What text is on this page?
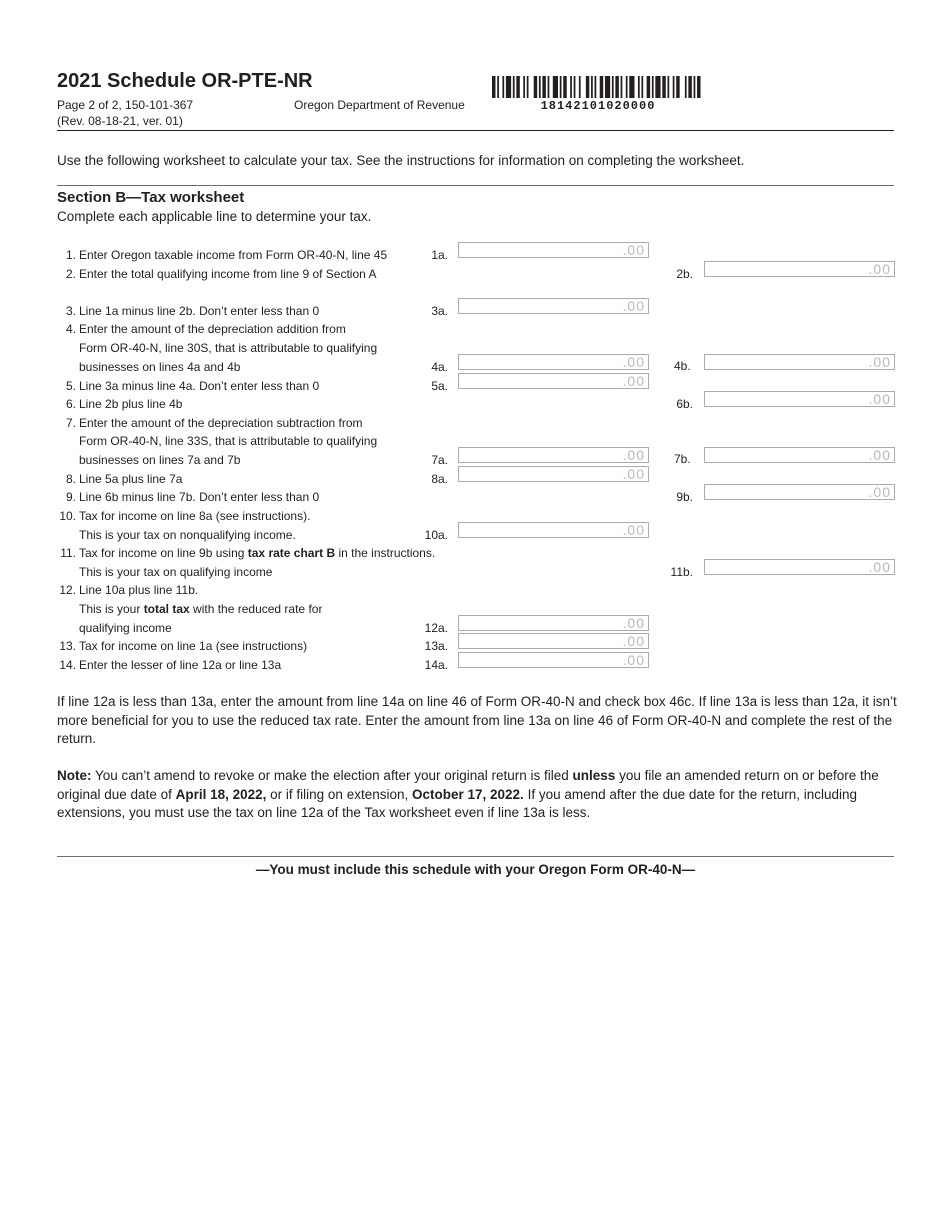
2021 Schedule OR-PTE-NR
Page 2 of 2, 150-101-367
(Rev. 08-18-21, ver. 01)
Oregon Department of Revenue	18142101020000
Use the following worksheet to calculate your tax. See the instructions for information on completing the worksheet.
Section B—Tax worksheet
Complete each applicable line to determine your tax.
1. Enter Oregon taxable income from Form OR-40-N, line 45	1a.	.00
2. Enter the total qualifying income from line 9 of Section A	2b.	.00
3. Line 1a minus line 2b. Don’t enter less than 0	3a.	.00
4. Enter the amount of the depreciation addition from
Form OR-40-N, line 30S, that is attributable to qualifying
businesses on lines 4a and 4b	4a.	.00 4b.	.00
5. Line 3a minus line 4a. Don’t enter less than 0	5a.	.00
6. Line 2b plus line 4b	6b.	.00
7. Enter the amount of the depreciation subtraction from
Form OR-40-N, line 33S, that is attributable to qualifying
businesses on lines 7a and 7b	7a.	.00 7b.	.00
8. Line 5a plus line 7a	8a.	.00
9. Line 6b minus line 7b. Don’t enter less than 0	9b.	.00
10. Tax for income on line 8a (see instructions).
This is your tax on nonqualifying income.	10a.	.00
11. Tax for income on line 9b using tax rate chart B in the instructions.
This is your tax on qualifying income	11b.	.00
12. Line 10a plus line 11b.
This is your total tax with the reduced rate for
qualifying income	12a.	.00
13. Tax for income on line 1a (see instructions)	13a.	.00
14. Enter the lesser of line 12a or line 13a	14a.	.00
If line 12a is less than 13a, enter the amount from line 14a on line 46 of Form OR-40-N and check box 46c. If line 13a is less than 12a, it isn’t more beneficial for you to use the reduced tax rate. Enter the amount from line 13a on line 46 of Form OR-40-N and complete the rest of the return.
Note: You can’t amend to revoke or make the election after your original return is filed unless you file an amended return on or before the original due date of April 18, 2022, or if filing on extension, October 17, 2022. If you amend after the due date for the return, including extensions, you must use the tax on line 12a of the Tax worksheet even if line 13a is less.
—You must include this schedule with your Oregon Form OR-40-N—
